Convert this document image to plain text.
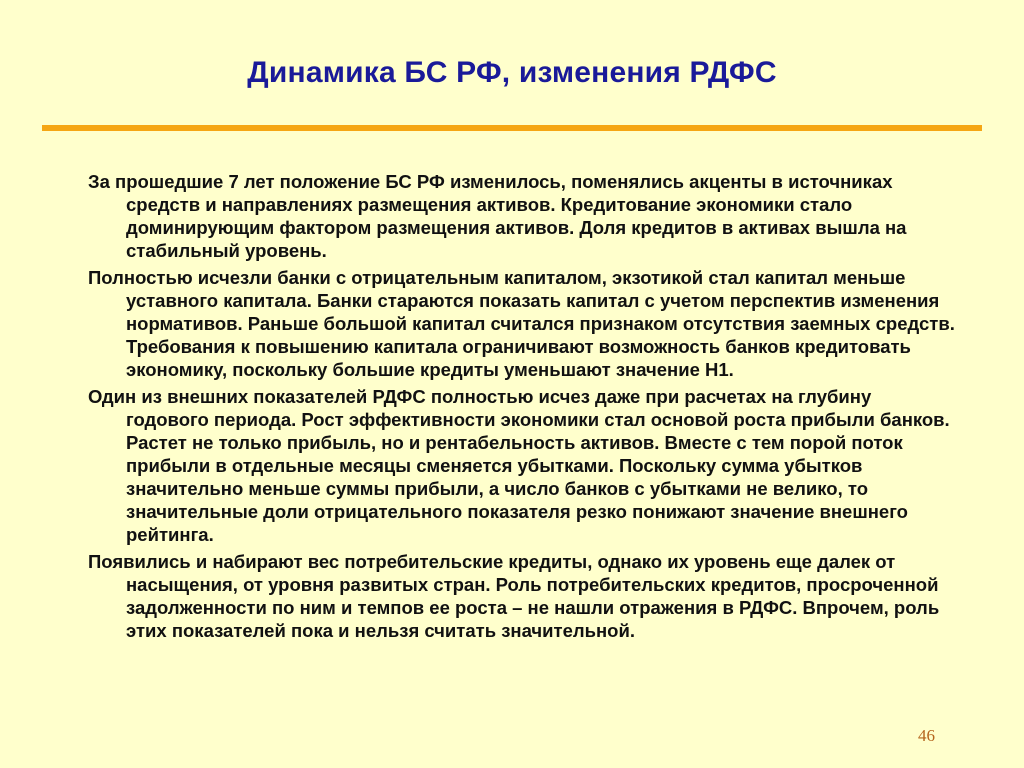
Динамика БС РФ, изменения РДФС

За прошедшие 7 лет положение БС РФ изменилось, поменялись акценты в источниках средств и направлениях размещения активов. Кредитование экономики стало доминирующим фактором размещения активов. Доля кредитов в активах вышла на стабильный уровень.

Полностью исчезли банки с отрицательным капиталом, экзотикой стал капитал меньше уставного капитала. Банки стараются показать капитал с учетом перспектив изменения нормативов. Раньше большой капитал считался признаком отсутствия заемных средств. Требования к повышению капитала ограничивают возможность банков кредитовать экономику, поскольку большие кредиты уменьшают значение Н1.

Один из внешних показателей РДФС полностью исчез даже при расчетах на глубину годового периода. Рост эффективности экономики стал основой роста прибыли банков. Растет не только прибыль, но и рентабельность активов. Вместе с тем порой поток прибыли в отдельные месяцы сменяется убытками. Поскольку сумма убытков значительно меньше суммы прибыли, а число банков с убытками не велико, то значительные доли отрицательного показателя резко понижают значение внешнего рейтинга.

Появились и набирают вес потребительские кредиты, однако их уровень еще далек от насыщения, от уровня развитых стран. Роль потребительских кредитов, просроченной задолженности по ним и темпов ее роста – не нашли отражения в РДФС. Впрочем, роль этих показателей пока и нельзя считать значительной.

46
